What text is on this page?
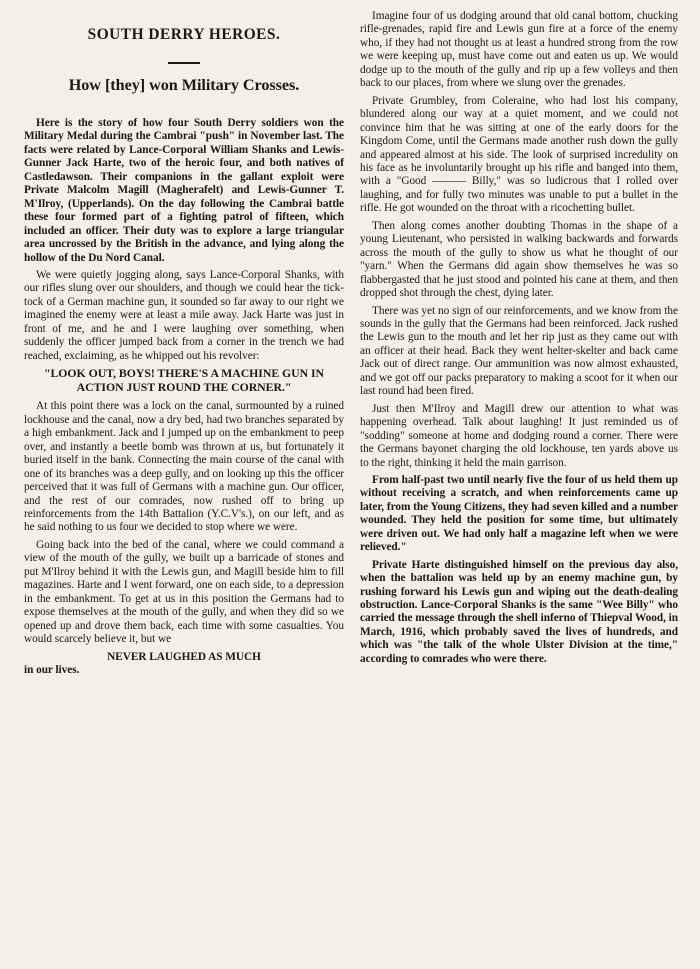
SOUTH DERRY HEROES.
How [they] won Military Crosses.

Here is the story of how four South Derry soldiers won the Military Medal during the Cambrai "push" in November last. The facts were related by Lance-Corporal William Shanks and Lewis-Gunner Jack Harte, two of the heroic four, and both natives of Castledawson. Their companions in the gallant exploit were Private Malcolm Magill (Magherafelt) and Lewis-Gunner T. M'Ilroy, (Upperlands). On the day following the Cambrai battle these four formed part of a fighting patrol of fifteen, which included an officer. Their duty was to explore a large triangular area uncrossed by the British in the advance, and lying along the hollow of the Du Nord Canal.

We were quietly jogging along, says Lance-Corporal Shanks, with our rifles slung over our shoulders, and though we could hear the tick-tock of a German machine gun, it sounded so far away to our right we imagined the enemy were at least a mile away. Jack Harte was just in front of me, and he and I were laughing over something, when suddenly the officer jumped back from a corner in the trench we had reached, exclaiming, as he whipped out his revolver:

"LOOK OUT, BOYS! THERE'S A MACHINE GUN IN ACTION JUST ROUND THE CORNER."

At this point there was a lock on the canal, surmounted by a ruined lockhouse and the canal, now a dry bed, had two branches separated by a high embankment. Jack and I jumped up on the embankment to peep over, and instantly a beetle bomb was thrown at us, but fortunately it buried itself in the bank. Connecting the main course of the canal with one of its branches was a deep gully, and on looking up this the officer perceived that it was full of Germans with a machine gun. Our officer, and the rest of our comrades, now rushed off to bring up reinforcements from the 14th Battalion (Y.C.V's.), on our left, and as he said nothing to us four we decided to stop where we were.

Going back into the bed of the canal, where we could command a view of the mouth of the gully, we built up a barricade of stones and put M'Ilroy behind it with the Lewis gun, and Magill beside him to fill magazines. Harte and I went forward, one on each side, to a depression in the embankment. To get at us in this position the Germans had to expose themselves at the mouth of the gully, and when they did so we opened up and drove them back, each time with some casualties. You would scarcely believe it, but we

NEVER LAUGHED AS MUCH

in our lives.

Imagine four of us dodging around that old canal bottom, chucking rifle-grenades, rapid fire and Lewis gun fire at a force of the enemy who, if they had not thought us at least a hundred strong from the row we were keeping up, must have come out and eaten us up. We would dodge up to the mouth of the gully and rip up a few volleys and then back to our places, from where we slung over the grenades.

Private Grumbley, from Coleraine, who had lost his company, blundered along our way at a quiet moment, and we could not convince him that he was sitting at one of the early doors for the Kingdom Come, until the Germans made another rush down the gully and appeared almost at his side. The look of surprised incredulity on his face as he involuntarily brought up his rifle and banged into them, with a "Good ——— Billy," was so ludicrous that I rolled over laughing, and for fully two minutes was unable to put a bullet in the rifle. He got wounded on the throat with a ricochetting bullet.

Then along comes another doubting Thomas in the shape of a young Lieutenant, who persisted in walking backwards and forwards across the mouth of the gully to show us what he thought of our "yarn." When the Germans did again show themselves he was so flabbergasted that he just stood and pointed his cane at them, and then dropped shot through the chest, dying later.

There was yet no sign of our reinforcements, and we know from the sounds in the gully that the Germans had been reinforced. Jack rushed the Lewis gun to the mouth and let her rip just as they came out with an officer at their head. Back they went helter-skelter and back came Jack out of direct range. Our ammunition was now almost exhausted, and we got off our packs preparatory to making a scoot for it when our last round had been fired.

Just then M'Ilroy and Magill drew our attention to what was happening overhead. Talk about laughing! It just reminded us of "sodding" someone at home and dodging round a corner. There were the Germans bayonet charging the old lockhouse, ten yards above us to the right, thinking it held the main garrison.

From half-past two until nearly five the four of us held them up without receiving a scratch, and when reinforcements came up later, from the Young Citizens, they had seven killed and a number wounded. They held the position for some time, but ultimately were driven out. We had only half a magazine left when we were relieved."

Private Harte distinguished himself on the previous day also, when the battalion was held up by an enemy machine gun, by rushing forward his Lewis gun and wiping out the death-dealing obstruction. Lance-Corporal Shanks is the same "Wee Billy" who carried the message through the shell inferno of Thiepval Wood, in March, 1916, which probably saved the lives of hundreds, and which was "the talk of the whole Ulster Division at the time," according to comrades who were there.
